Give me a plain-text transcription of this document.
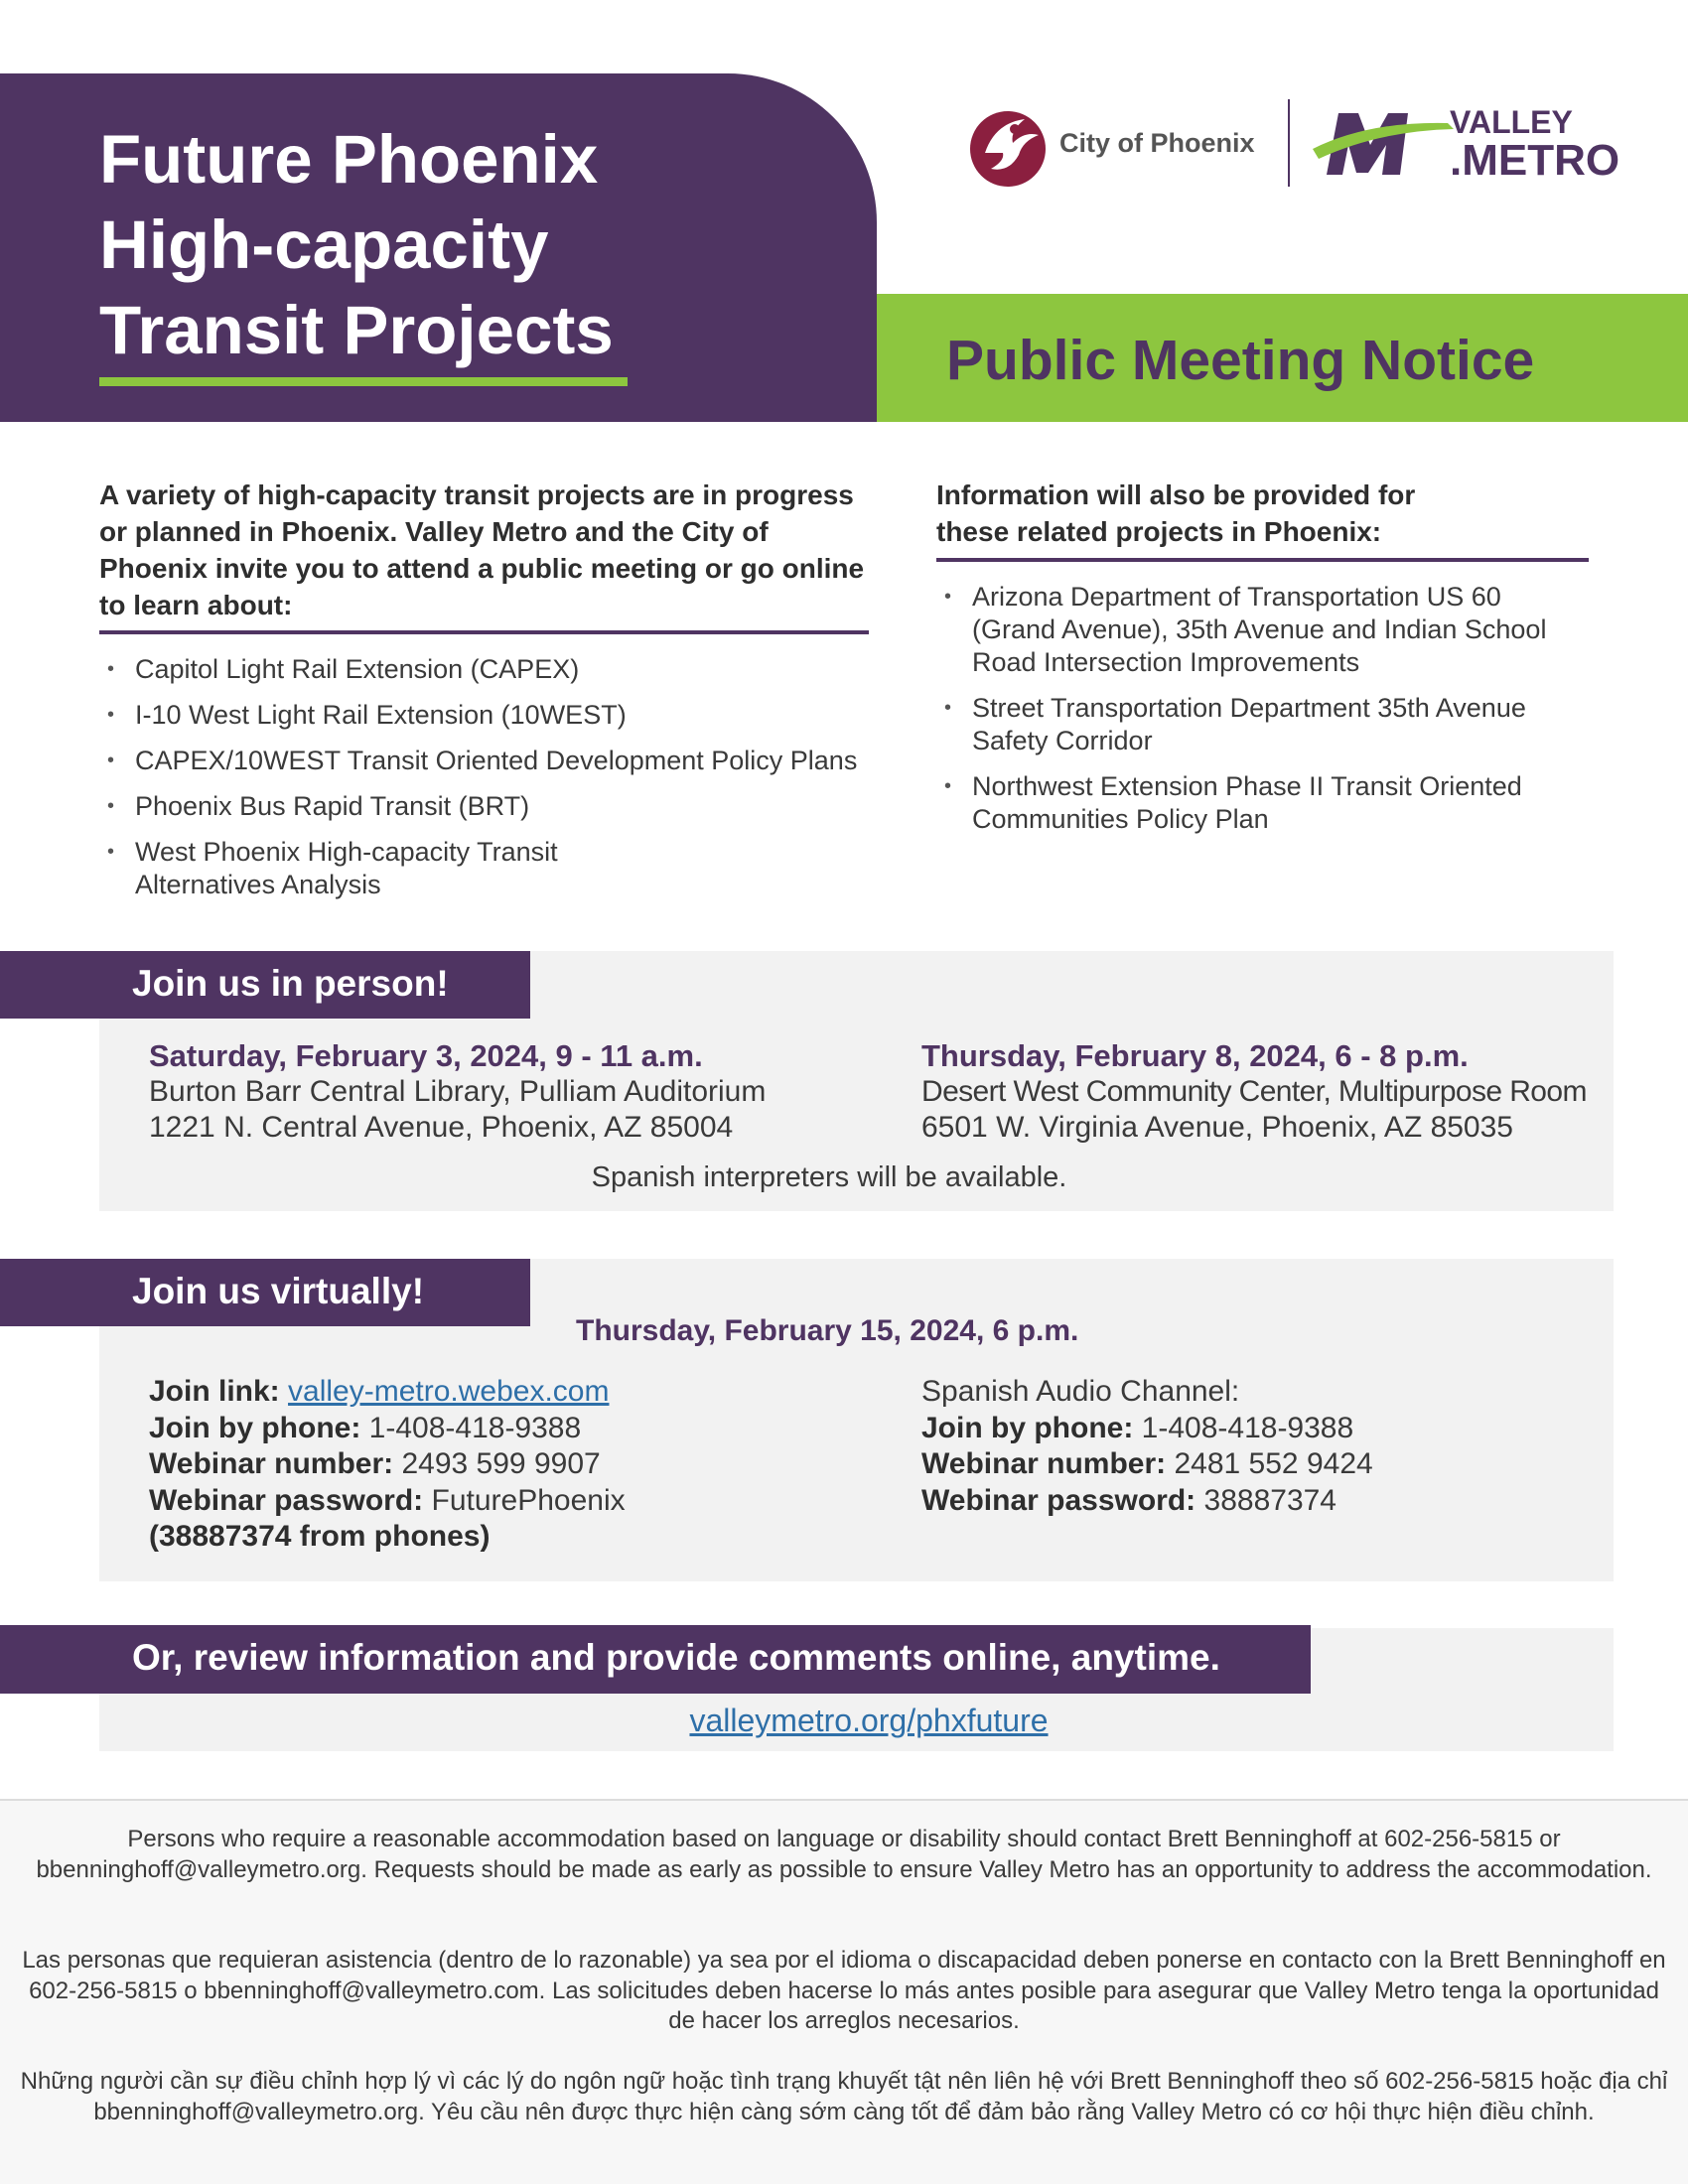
Future Phoenix
High-capacity
Transit Projects	Public Meeting Notice
City of Phoenix
VALLEY
.METRO
A variety of high-capacity transit projects are in progress or planned in Phoenix. Valley Metro and the City of Phoenix invite you to attend a public meeting or go online to learn about:
• Capitol Light Rail Extension (CAPEX)
• I-10 West Light Rail Extension (10WEST)
• CAPEX/10WEST Transit Oriented Development Policy Plans
• Phoenix Bus Rapid Transit (BRT)
• West Phoenix High-capacity Transit Alternatives Analysis
Information will also be provided for these related projects in Phoenix:
• Arizona Department of Transportation US 60 (Grand Avenue), 35th Avenue and Indian School Road Intersection Improvements
• Street Transportation Department 35th Avenue Safety Corridor
• Northwest Extension Phase II Transit Oriented Communities Policy Plan
Join us in person!
Saturday, February 3, 2024, 9 - 11 a.m.
Burton Barr Central Library, Pulliam Auditorium
1221 N. Central Avenue, Phoenix, AZ 85004
Thursday, February 8, 2024, 6 - 8 p.m.
Desert West Community Center, Multipurpose Room
6501 W. Virginia Avenue, Phoenix, AZ 85035
Spanish interpreters will be available.
Join us virtually!
Thursday, February 15, 2024, 6 p.m.
Join link: valley-metro.webex.com
Join by phone: 1-408-418-9388
Webinar number: 2493 599 9907
Webinar password: FuturePhoenix
(38887374 from phones)
Spanish Audio Channel:
Join by phone: 1-408-418-9388
Webinar number: 2481 552 9424
Webinar password: 38887374
Or, review information and provide comments online, anytime.
valleymetro.org/phxfuture
Persons who require a reasonable accommodation based on language or disability should contact Brett Benninghoff at 602-256-5815 or bbenninghoff@valleymetro.org. Requests should be made as early as possible to ensure Valley Metro has an opportunity to address the accommodation.
Las personas que requieran asistencia (dentro de lo razonable) ya sea por el idioma o discapacidad deben ponerse en contacto con la Brett Benninghoff en 602-256-5815 o bbenninghoff@valleymetro.com. Las solicitudes deben hacerse lo más antes posible para asegurar que Valley Metro tenga la oportunidad de hacer los arreglos necesarios.
Những người cần sự điều chỉnh hợp lý vì các lý do ngôn ngữ hoặc tình trạng khuyết tật nên liên hệ với Brett Benninghoff theo số 602-256-5815 hoặc địa chỉ bbenninghoff@valleymetro.org. Yêu cầu nên được thực hiện càng sớm càng tốt để đảm bảo rằng Valley Metro có cơ hội thực hiện điều chỉnh.
